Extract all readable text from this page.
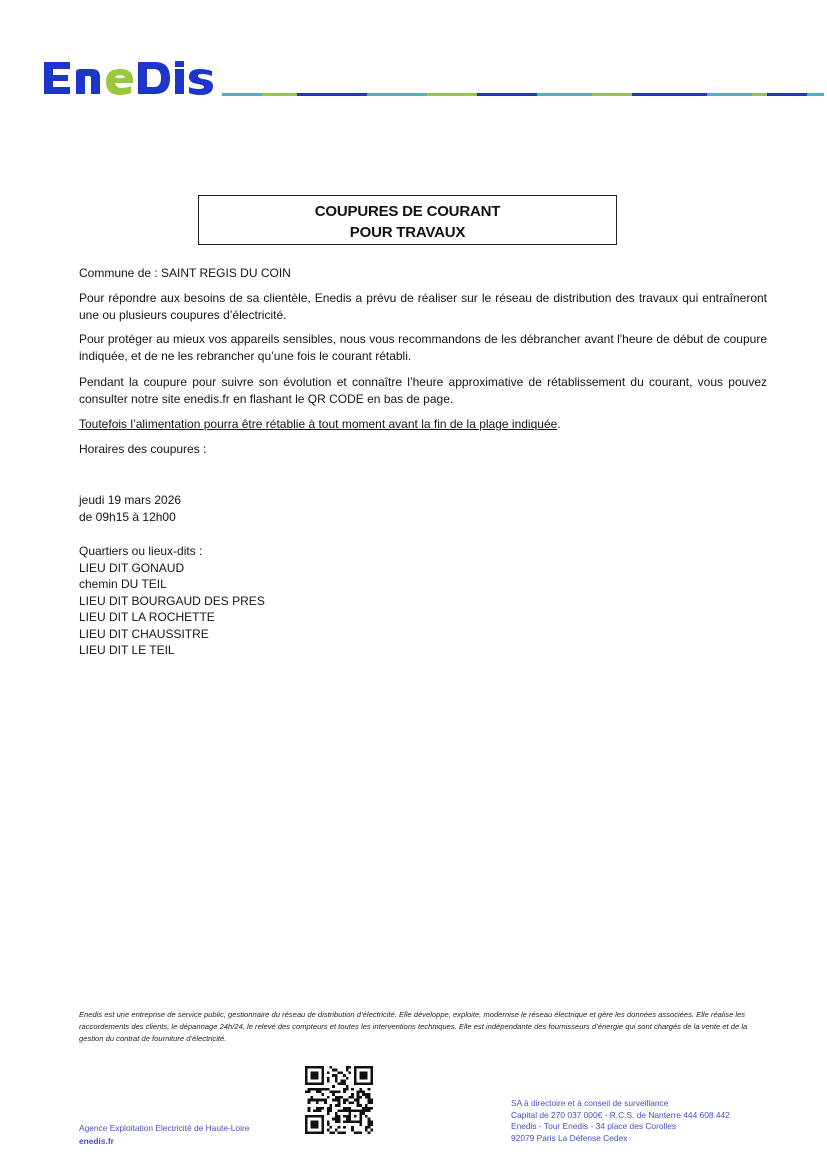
COUPURES DE COURANT
POUR TRAVAUX
Commune de : SAINT REGIS DU COIN
Pour répondre aux besoins de sa clientèle, Enedis a prévu de réaliser sur le réseau de distribution des travaux qui entraîneront une ou plusieurs coupures d’électricité.
Pour protéger au mieux vos appareils sensibles, nous vous recommandons de les débrancher avant l'heure de début de coupure indiquée, et de ne les rebrancher qu’une fois le courant rétabli.
Pendant la coupure pour suivre son évolution et connaître l’heure approximative de rétablissement du courant, vous pouvez consulter notre site enedis.fr en flashant le QR CODE en bas de page.
Toutefois l’alimentation pourra être rétablie à tout moment avant la fin de la plage indiquée.
Horaires des coupures :
jeudi 19 mars 2026
de 09h15 à 12h00
Quartiers ou lieux-dits :
LIEU DIT GONAUD
chemin DU TEIL
LIEU DIT BOURGAUD DES PRES
LIEU DIT LA ROCHETTE
LIEU DIT CHAUSSITRE
LIEU DIT LE TEIL
Enedis est une entreprise de service public, gestionnaire du réseau de distribution d’électricité. Elle développe, exploite, modernise le réseau électrique et gère les données associées. Elle réalise les raccordements des clients, le dépannage 24h/24, le relevé des compteurs et toutes les interventions techniques. Elle est indépendante des fournisseurs d’énergie qui sont chargés de la vente et de la gestion du contrat de fourniture d’électricité.
Agence Exploitation Electricité de Haute-Loire
enedis.fr
SA à directoire et à conseil de surveillance
Capital de 270 037 000€ - R.C.S. de Nanterre 444 608 442
Enedis - Tour Enedis - 34 place des Corolles
92079 Paris La Défense Cedex
